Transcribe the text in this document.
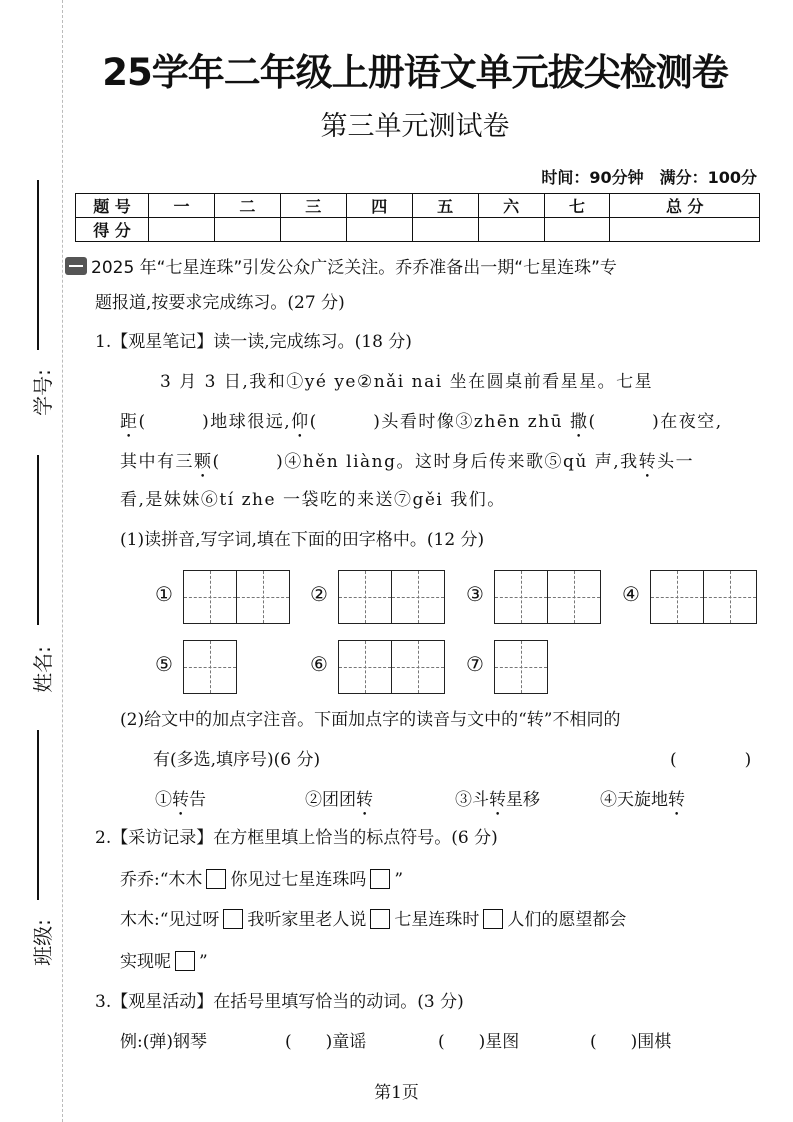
学号:
姓名:
班级:
25学年二年级上册语文单元拔尖检测卷
第三单元测试卷
时间：90分钟　满分：100分
题 号	一	二	三	四	五	六	七	总 分
得 分								
2025 年“七星连珠”引发公众广泛关注。乔乔准备出一期“七星连珠”专
题报道,按要求完成练习。(27 分)
1.【观星笔记】读一读,完成练习。(18 分)
3 月 3 日,我和①yé ye②nǎi nai 坐在圆桌前看星星。七星
距(　　　)地球很远,仰(　　　)头看时像③zhēn zhū 撒(　　　)在夜空,
其中有三颗(　　　)④hěn liàng。这时身后传来歌⑤qǔ 声,我转头一
看,是妹妹⑥tí zhe 一袋吃的来送⑦gěi 我们。
(1)读拼音,写字词,填在下面的田字格中。(12 分)
①	②	③	④
⑤	⑥	⑦
(2)给文中的加点字注音。下面加点字的读音与文中的“转”不相同的
有(多选,填序号)(6 分)	(　　　　)
①转告	②团团转	③斗转星移	④天旋地转
2.【采访记录】在方框里填上恰当的标点符号。(6 分)
乔乔:“木木 你见过七星连珠吗 ”
木木:“见过呀 我听家里老人说 七星连珠时 人们的愿望都会
实现呢 ”
3.【观星活动】在括号里填写恰当的动词。(3 分)
例:(弹)钢琴	(　　)童谣	(　　)星图	(　　)围棋
第1页
